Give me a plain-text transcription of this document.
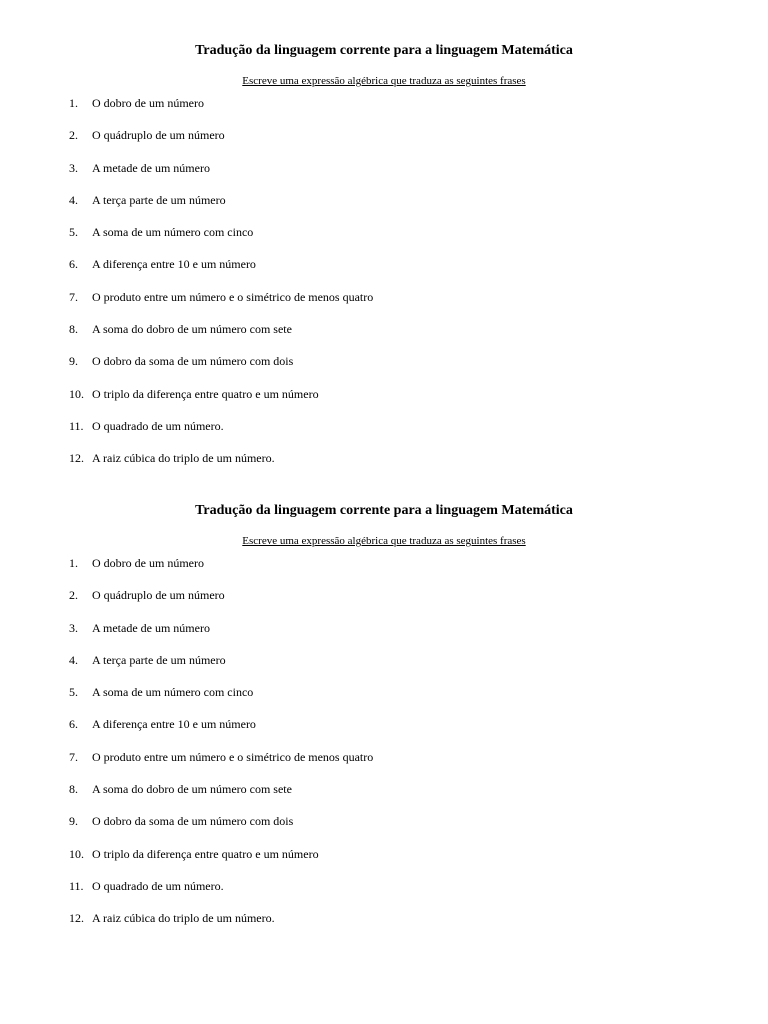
Tradução da linguagem corrente para a linguagem Matemática
Escreve uma expressão algébrica que traduza as seguintes frases
1. O dobro de um número
2. O quádruplo de um número
3. A metade de um número
4. A terça parte de um número
5. A soma de um número com cinco
6. A diferença entre 10 e um número
7. O produto entre um número e o simétrico de menos quatro
8. A soma do dobro de um número com sete
9. O dobro da soma de um número com dois
10. O triplo da diferença entre quatro e um número
11. O quadrado de um número.
12. A raiz cúbica do triplo de um número.
Tradução da linguagem corrente para a linguagem Matemática
Escreve uma expressão algébrica que traduza as seguintes frases
1. O dobro de um número
2. O quádruplo de um número
3. A metade de um número
4. A terça parte de um número
5. A soma de um número com cinco
6. A diferença entre 10 e um número
7. O produto entre um número e o simétrico de menos quatro
8. A soma do dobro de um número com sete
9. O dobro da soma de um número com dois
10. O triplo da diferença entre quatro e um número
11. O quadrado de um número.
12. A raiz cúbica do triplo de um número.
